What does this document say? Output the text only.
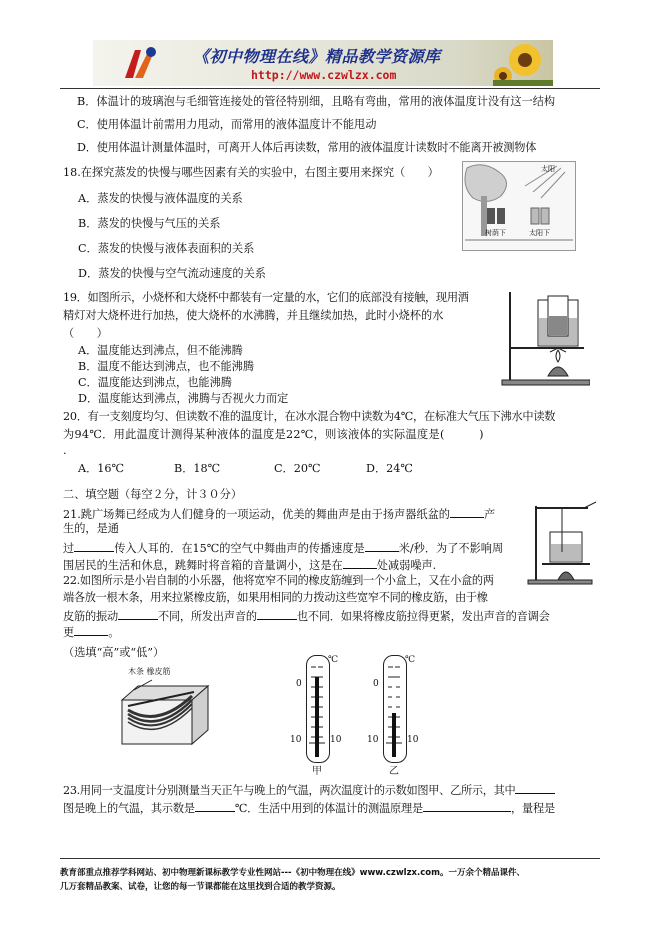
《初中物理在线》精品教学资源库
http://www.czwlzx.com
B．体温计的玻璃泡与毛细管连接处的管径特别细，且略有弯曲，常用的液体温度计没有这一结构
C．使用体温计前需用力甩动，而常用的液体温度计不能甩动
D．使用体温计测量体温时，可离开人体后再读数，常用的液体温度计读数时不能离开被测物体
18.在探究蒸发的快慢与哪些因素有关的实验中，右图主要用来探究（　　）
A．蒸发的快慢与液体温度的关系
B．蒸发的快慢与气压的关系
C．蒸发的快慢与液体表面积的关系
D．蒸发的快慢与空气流动速度的关系
太阳
树荫下	太阳下
19．如图所示，小烧杯和大烧杯中都装有一定量的水，它们的底部没有接触，现用酒
精灯对大烧杯进行加热，使大烧杯的水沸腾，并且继续加热，此时小烧杯的水
（　　）
A．温度能达到沸点，但不能沸腾
B．温度不能达到沸点，也不能沸腾
C．温度能达到沸点，也能沸腾
D．温度能达到沸点，沸腾与否视火力而定
20．有一支刻度均匀、但读数不准的温度计，在冰水混合物中读数为4℃，在标准大气压下沸水中读数
为94℃．用此温度计测得某种液体的温度是22℃，则该液体的实际温度是(　　　)
.
A．16℃	B．18℃	C．20℃	D．24℃
二、填空题（每空２分，计３０分）
21.跳广场舞已经成为人们健身的一项运动，优美的舞曲声是由于扬声器纸盆的	产
生的，是通
过	传入人耳的．在15℃的空气中舞曲声的传播速度是	米/秒．为了不影响周
围居民的生活和休息，跳舞时将音箱的音量调小，这是在	处减弱噪声.
22.如图所示是小岩自制的小乐器，他将宽窄不同的橡皮筋缠到一个小盒上，又在小盒的两
端各放一根木条，用来拉紧橡皮筋，如果用相同的力拨动这些宽窄不同的橡皮筋，由于橡
皮筋的振动	不同，所发出声音的	也不同．如果将橡皮筋拉得更紧，发出声音的音调会
更	。
（选填“高”或“低”）
木条 橡皮筋
℃
0
10	10
甲
℃
0
10	10
乙
23.用同一支温度计分别测量当天正午与晚上的气温，两次温度计的示数如图甲、乙所示，其中
图是晚上的气温，其示数是	℃．生活中用到的体温计的测温原理是	，量程是
教育部重点推荐学科网站、初中物理新课标教学专业性网站---《初中物理在线》www.czwlzx.com。一万余个精品课件、
几万套精品教案、试卷，让您的每一节课都能在这里找到合适的教学资源。
